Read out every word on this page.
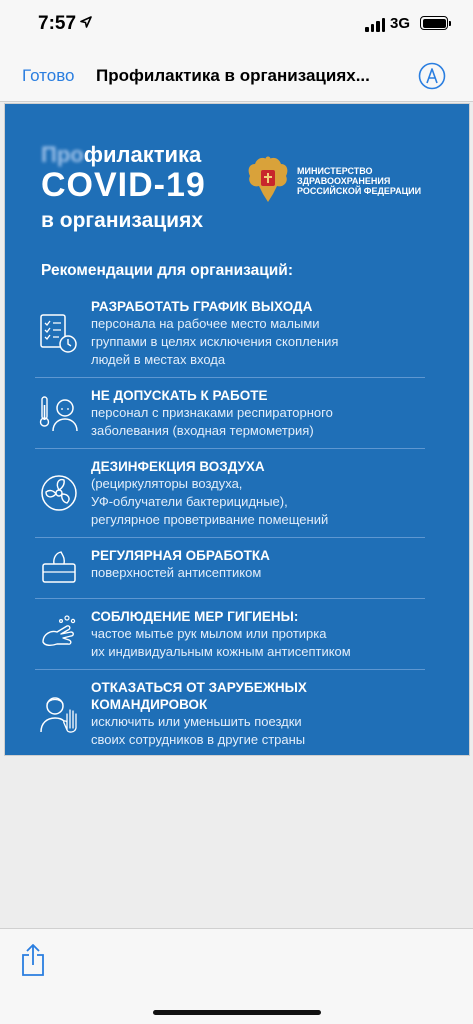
7:57	3G
Готово Профилактика в организациях...
Профилактика
COVID-19
в организациях
МИНИСТЕРСТВО
ЗДРАВООХРАНЕНИЯ
РОССИЙСКОЙ ФЕДЕРАЦИИ
Рекомендации для организаций:
РАЗРАБОТАТЬ ГРАФИК ВЫХОДА
персонала на рабочее место малыми
группами в целях исключения скопления
людей в местах входа
НЕ ДОПУСКАТЬ К РАБОТЕ
персонал с признаками респираторного
заболевания (входная термометрия)
ДЕЗИНФЕКЦИЯ ВОЗДУХА
(рециркуляторы воздуха,
УФ-облучатели бактерицидные),
регулярное проветривание помещений
РЕГУЛЯРНАЯ ОБРАБОТКА
поверхностей антисептиком
СОБЛЮДЕНИЕ МЕР ГИГИЕНЫ:
частое мытье рук мылом или протирка
их индивидуальным кожным антисептиком
ОТКАЗАТЬСЯ ОТ ЗАРУБЕЖНЫХ КОМАНДИРОВОК
исключить или уменьшить поездки
своих сотрудников в другие страны
